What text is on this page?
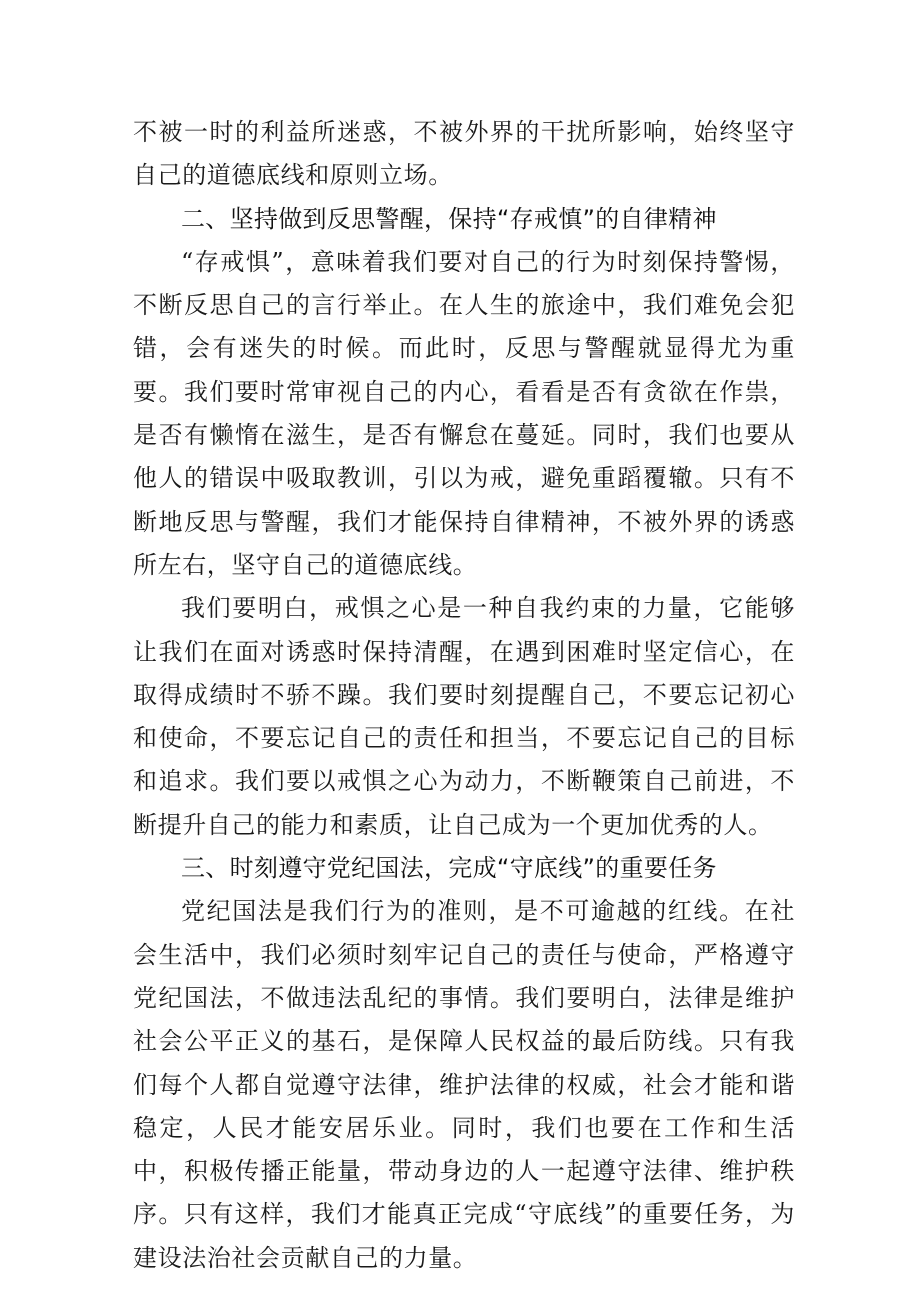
不被一时的利益所迷惑，不被外界的干扰所影响，始终坚守自己的道德底线和原则立场。

二、坚持做到反思警醒，保持“存戒慎”的自律精神

“存戒惧”，意味着我们要对自己的行为时刻保持警惕，不断反思自己的言行举止。在人生的旅途中，我们难免会犯错，会有迷失的时候。而此时，反思与警醒就显得尤为重要。我们要时常审视自己的内心，看看是否有贪欲在作祟，是否有懒惰在滋生，是否有懈怠在蔓延。同时，我们也要从他人的错误中吸取教训，引以为戒，避免重蹈覆辙。只有不断地反思与警醒，我们才能保持自律精神，不被外界的诱惑所左右，坚守自己的道德底线。

我们要明白，戒惧之心是一种自我约束的力量，它能够让我们在面对诱惑时保持清醒，在遇到困难时坚定信心，在取得成绩时不骄不躁。我们要时刻提醒自己，不要忘记初心和使命，不要忘记自己的责任和担当，不要忘记自己的目标和追求。我们要以戒惧之心为动力，不断鞭策自己前进，不断提升自己的能力和素质，让自己成为一个更加优秀的人。

三、时刻遵守党纪国法，完成“守底线”的重要任务

党纪国法是我们行为的准则，是不可逾越的红线。在社会生活中，我们必须时刻牢记自己的责任与使命，严格遵守党纪国法，不做违法乱纪的事情。我们要明白，法律是维护社会公平正义的基石，是保障人民权益的最后防线。只有我们每个人都自觉遵守法律，维护法律的权威，社会才能和谐稳定，人民才能安居乐业。同时，我们也要在工作和生活中，积极传播正能量，带动身边的人一起遵守法律、维护秩序。只有这样，我们才能真正完成“守底线”的重要任务，为建设法治社会贡献自己的力量。
